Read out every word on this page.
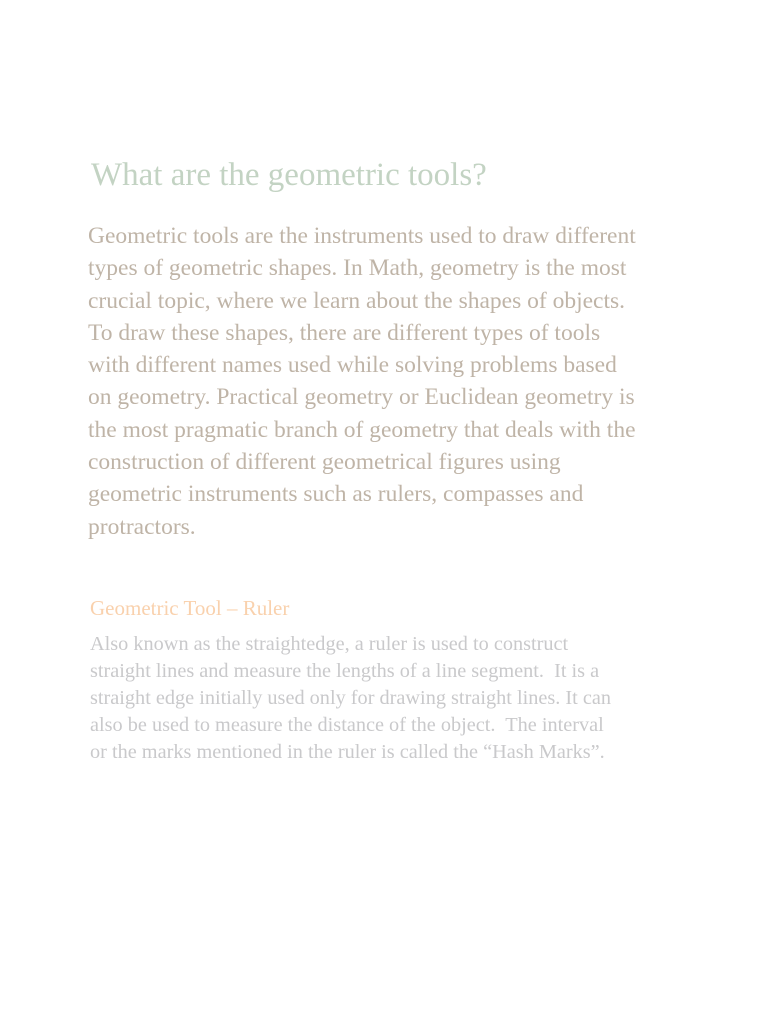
What are the geometric tools?

Geometric tools are the instruments used to draw different
types of geometric shapes. In Math, geometry is the most
crucial topic, where we learn about the shapes of objects.
To draw these shapes, there are different types of tools
with different names used while solving problems based
on geometry. Practical geometry or Euclidean geometry is
the most pragmatic branch of geometry that deals with the
construction of different geometrical figures using
geometric instruments such as rulers, compasses and
protractors.

Geometric Tool – Ruler

Also known as the straightedge, a ruler is used to construct
straight lines and measure the lengths of a line segment.  It is a
straight edge initially used only for drawing straight lines. It can
also be used to measure the distance of the object.  The interval
or the marks mentioned in the ruler is called the “Hash Marks”.
